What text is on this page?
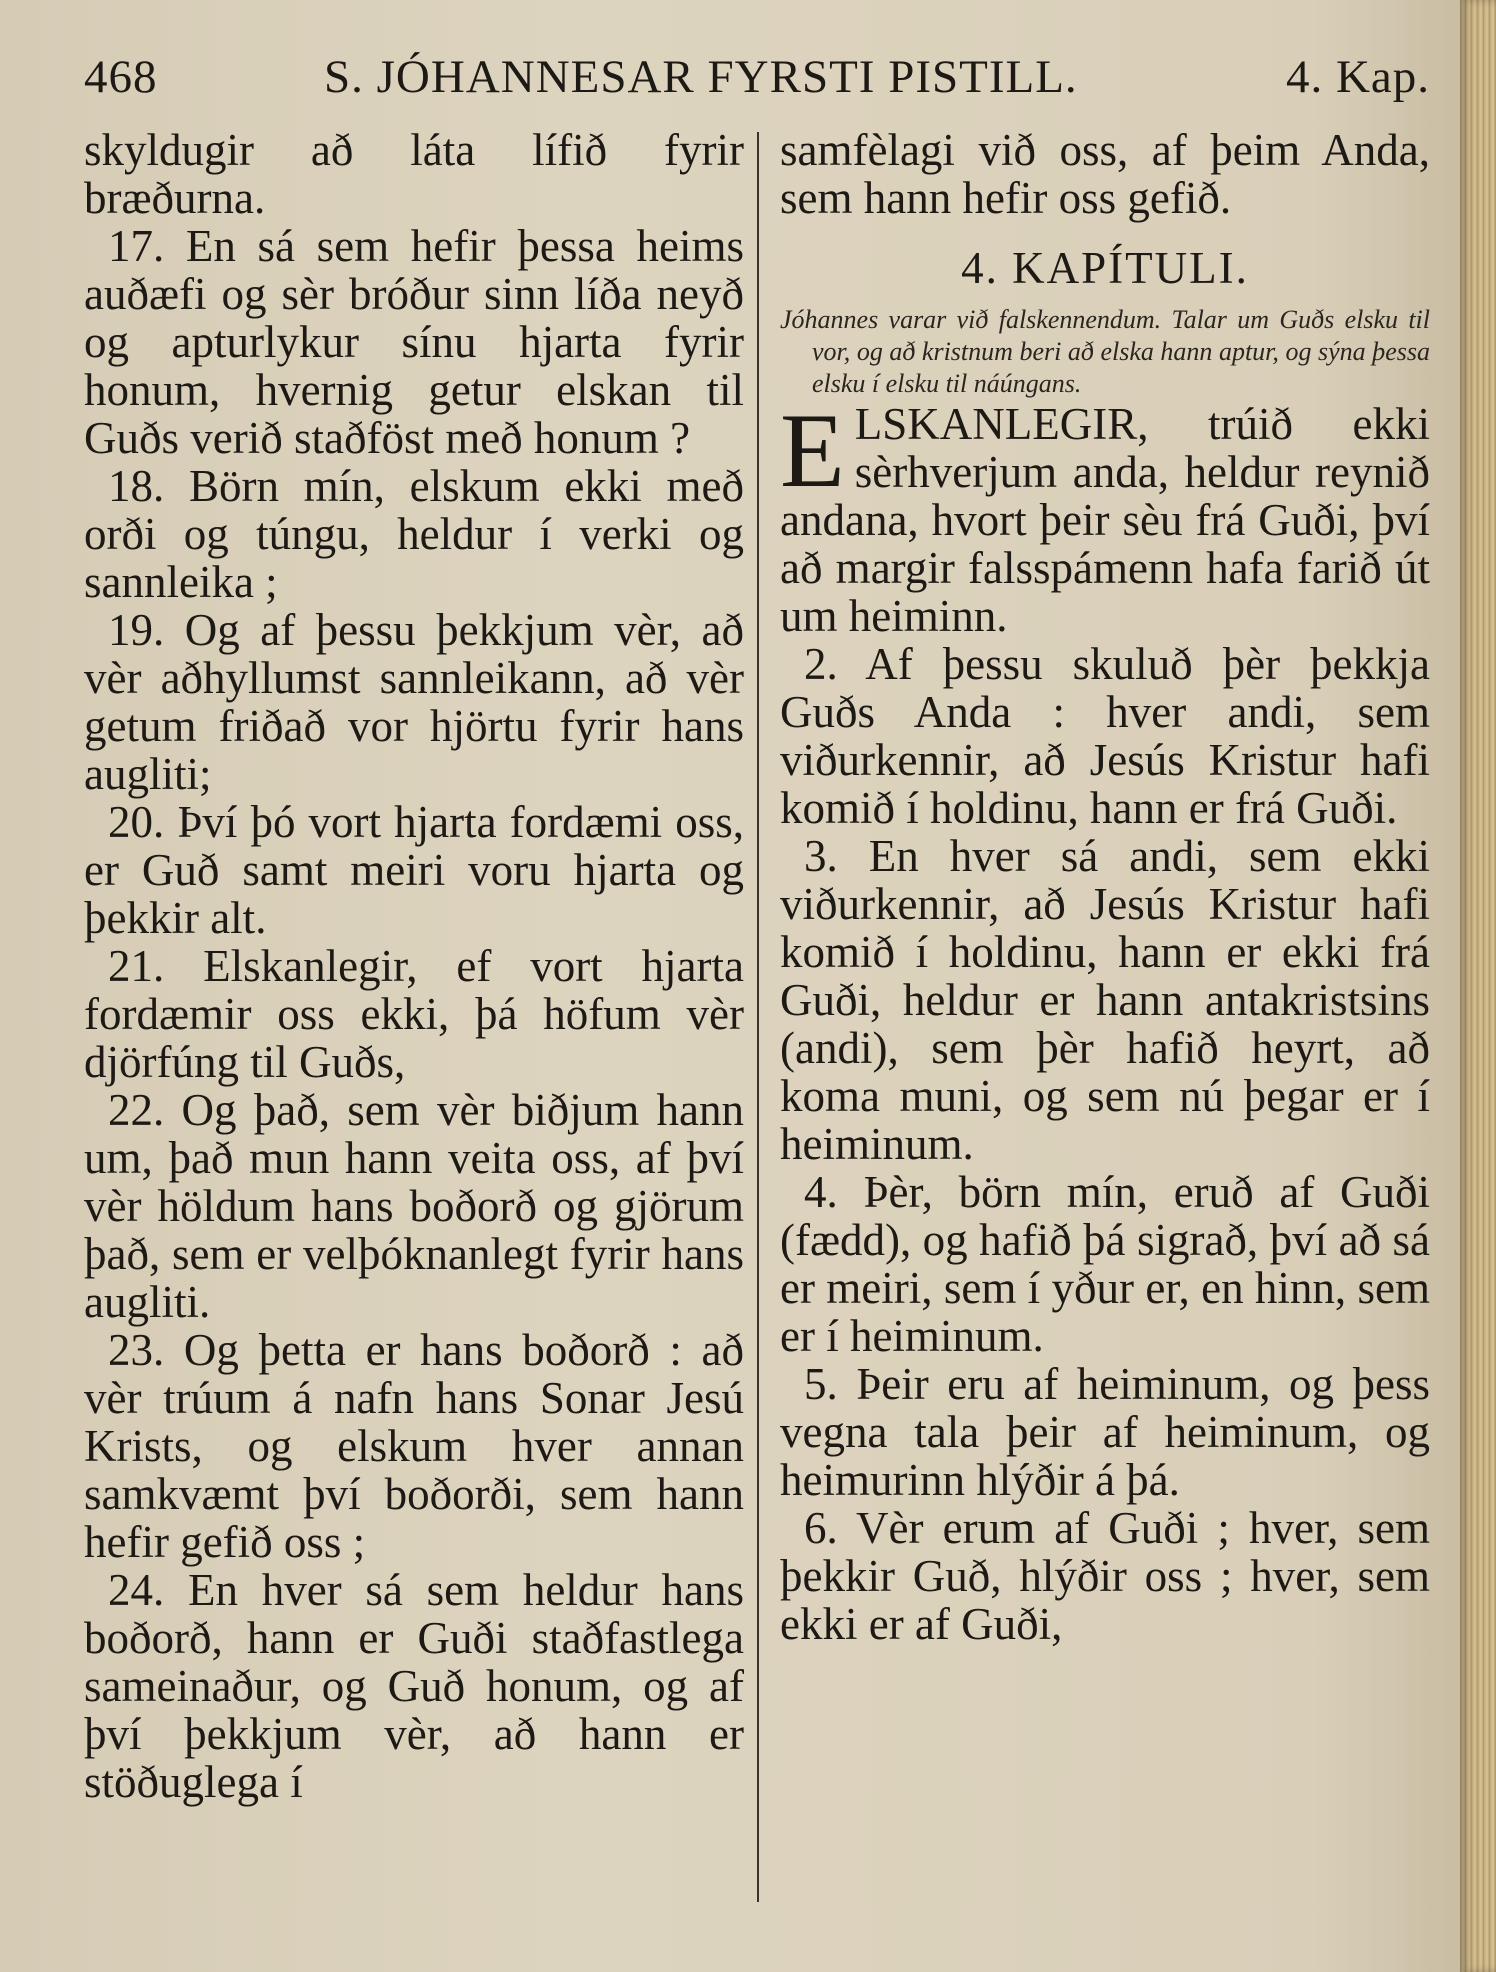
468	S. JÓHANNESAR FYRSTI PISTILL.	4. Kap.

skyldugir að láta lífið fyrir bræðurna.

17. En sá sem hefir þessa heims auðæfi og sèr bróður sinn líða neyð og apturlykur sínu hjarta fyrir honum, hvernig getur elskan til Guðs verið staðföst með honum ?

18. Börn mín, elskum ekki með orði og túngu, heldur í verki og sannleika ;

19. Og af þessu þekkjum vèr, að vèr aðhyllumst sannleikann, að vèr getum friðað vor hjörtu fyrir hans augliti;

20. Því þó vort hjarta fordæmi oss, er Guð samt meiri voru hjarta og þekkir alt.

21. Elskanlegir, ef vort hjarta fordæmir oss ekki, þá höfum vèr djörfúng til Guðs,

22. Og það, sem vèr biðjum hann um, það mun hann veita oss, af því vèr höldum hans boðorð og gjörum það, sem er velþóknanlegt fyrir hans augliti.

23. Og þetta er hans boðorð : að vèr trúum á nafn hans Sonar Jesú Krists, og elskum hver annan samkvæmt því boðorði, sem hann hefir gefið oss ;

24. En hver sá sem heldur hans boðorð, hann er Guði staðfastlega sameinaður, og Guð honum, og af því þekkjum vèr, að hann er stöðuglega í

samfèlagi við oss, af þeim Anda, sem hann hefir oss gefið.

4. KAPÍTULI.

Jóhannes varar við falskennendum. Talar um Guðs elsku til vor, og að kristnum beri að elska hann aptur, og sýna þessa elsku í elsku til náúngans.

ELSKANLEGIR, trúið ekki sèrhverjum anda, heldur reynið andana, hvort þeir sèu frá Guði, því að margir falsspámenn hafa farið út um heiminn.

2. Af þessu skuluð þèr þekkja Guðs Anda : hver andi, sem viðurkennir, að Jesús Kristur hafi komið í holdinu, hann er frá Guði.

3. En hver sá andi, sem ekki viðurkennir, að Jesús Kristur hafi komið í holdinu, hann er ekki frá Guði, heldur er hann antakristsins (andi), sem þèr hafið heyrt, að koma muni, og sem nú þegar er í heiminum.

4. Þèr, börn mín, eruð af Guði (fædd), og hafið þá sigrað, því að sá er meiri, sem í yður er, en hinn, sem er í heiminum.

5. Þeir eru af heiminum, og þess vegna tala þeir af heiminum, og heimurinn hlýðir á þá.

6. Vèr erum af Guði ; hver, sem þekkir Guð, hlýðir oss ; hver, sem ekki er af Guði,
